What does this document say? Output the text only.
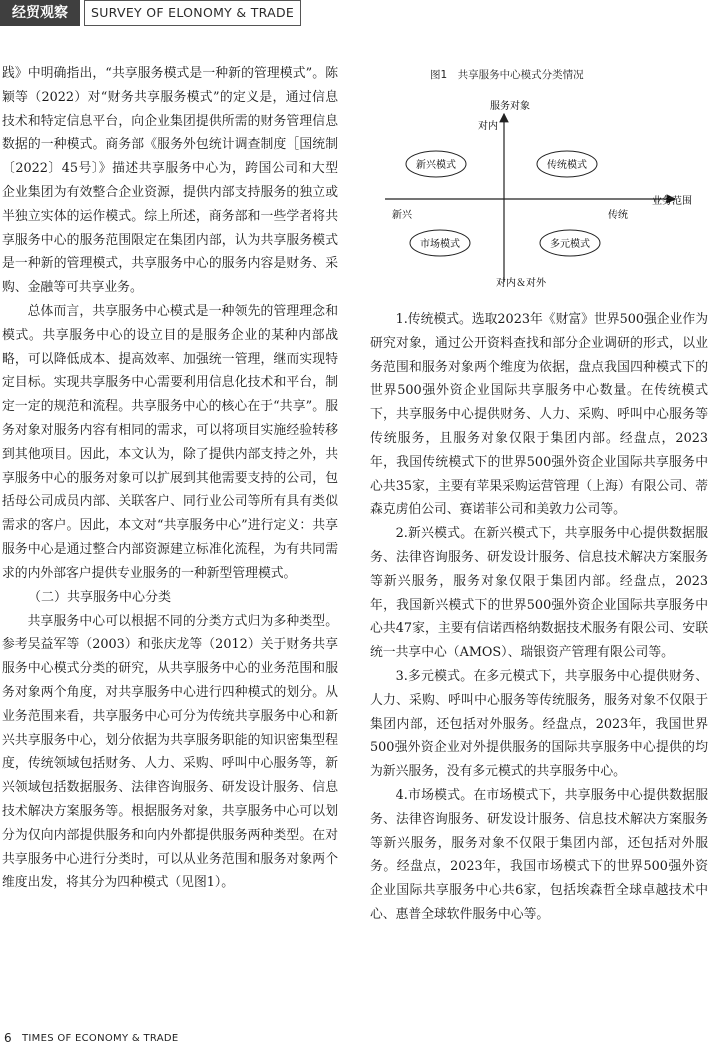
经贸观察	SURVEY OF ELONOMY & TRADE

践》中明确指出，“共享服务模式是一种新的管理模式”。陈颖等（2022）对“财务共享服务模式”的定义是，通过信息技术和特定信息平台，向企业集团提供所需的财务管理信息数据的一种模式。商务部《服务外包统计调查制度［国统制〔2022〕45号〕》描述共享服务中心为，跨国公司和大型企业集团为有效整合企业资源，提供内部支持服务的独立或半独立实体的运作模式。综上所述，商务部和一些学者将共享服务中心的服务范围限定在集团内部，认为共享服务模式是一种新的管理模式，共享服务中心的服务内容是财务、采购、金融等可共享业务。

总体而言，共享服务中心模式是一种领先的管理理念和模式。共享服务中心的设立目的是服务企业的某种内部战略，可以降低成本、提高效率、加强统一管理，继而实现特定目标。实现共享服务中心需要利用信息化技术和平台，制定一定的规范和流程。共享服务中心的核心在于“共享”。服务对象对服务内容有相同的需求，可以将项目实施经验转移到其他项目。因此，本文认为，除了提供内部支持之外，共享服务中心的服务对象可以扩展到其他需要支持的公司，包括母公司成员内部、关联客户、同行业公司等所有具有类似需求的客户。因此，本文对“共享服务中心”进行定义：共享服务中心是通过整合内部资源建立标准化流程，为有共同需求的内外部客户提供专业服务的一种新型管理模式。

（二）共享服务中心分类

共享服务中心可以根据不同的分类方式归为多种类型。参考吴益军等（2003）和张庆龙等（2012）关于财务共享服务中心模式分类的研究，从共享服务中心的业务范围和服务对象两个角度，对共享服务中心进行四种模式的划分。从业务范围来看，共享服务中心可分为传统共享服务中心和新兴共享服务中心，划分依据为共享服务职能的知识密集型程度，传统领域包括财务、人力、采购、呼叫中心服务等，新兴领域包括数据服务、法律咨询服务、研发设计服务、信息技术解决方案服务等。根据服务对象，共享服务中心可以划分为仅向内部提供服务和向内外都提供服务两种类型。在对共享服务中心进行分类时，可以从业务范围和服务对象两个维度出发，将其分为四种模式（见图1）。

图1　共享服务中心模式分类情况
服务对象
对内
对内＆对外
业务范围
新兴	传统
新兴模式	传统模式
市场模式	多元模式

1.传统模式。选取2023年《财富》世界500强企业作为研究对象，通过公开资料查找和部分企业调研的形式，以业务范围和服务对象两个维度为依据，盘点我国四种模式下的世界500强外资企业国际共享服务中心数量。在传统模式下，共享服务中心提供财务、人力、采购、呼叫中心服务等传统服务，且服务对象仅限于集团内部。经盘点，2023年，我国传统模式下的世界500强外资企业国际共享服务中心共35家，主要有苹果采购运营管理（上海）有限公司、蒂森克虏伯公司、赛诺菲公司和美敦力公司等。

2.新兴模式。在新兴模式下，共享服务中心提供数据服务、法律咨询服务、研发设计服务、信息技术解决方案服务等新兴服务，服务对象仅限于集团内部。经盘点，2023年，我国新兴模式下的世界500强外资企业国际共享服务中心共47家，主要有信诺西格纳数据技术服务有限公司、安联统一共享中心（AMOS）、瑞银资产管理有限公司等。

3.多元模式。在多元模式下，共享服务中心提供财务、人力、采购、呼叫中心服务等传统服务，服务对象不仅限于集团内部，还包括对外服务。经盘点，2023年，我国世界500强外资企业对外提供服务的国际共享服务中心提供的均为新兴服务，没有多元模式的共享服务中心。

4.市场模式。在市场模式下，共享服务中心提供数据服务、法律咨询服务、研发设计服务、信息技术解决方案服务等新兴服务，服务对象不仅限于集团内部，还包括对外服务。经盘点，2023年，我国市场模式下的世界500强外资企业国际共享服务中心共6家，包括埃森哲全球卓越技术中心、惠普全球软件服务中心等。

6 TIMES OF ECONOMY & TRADE
